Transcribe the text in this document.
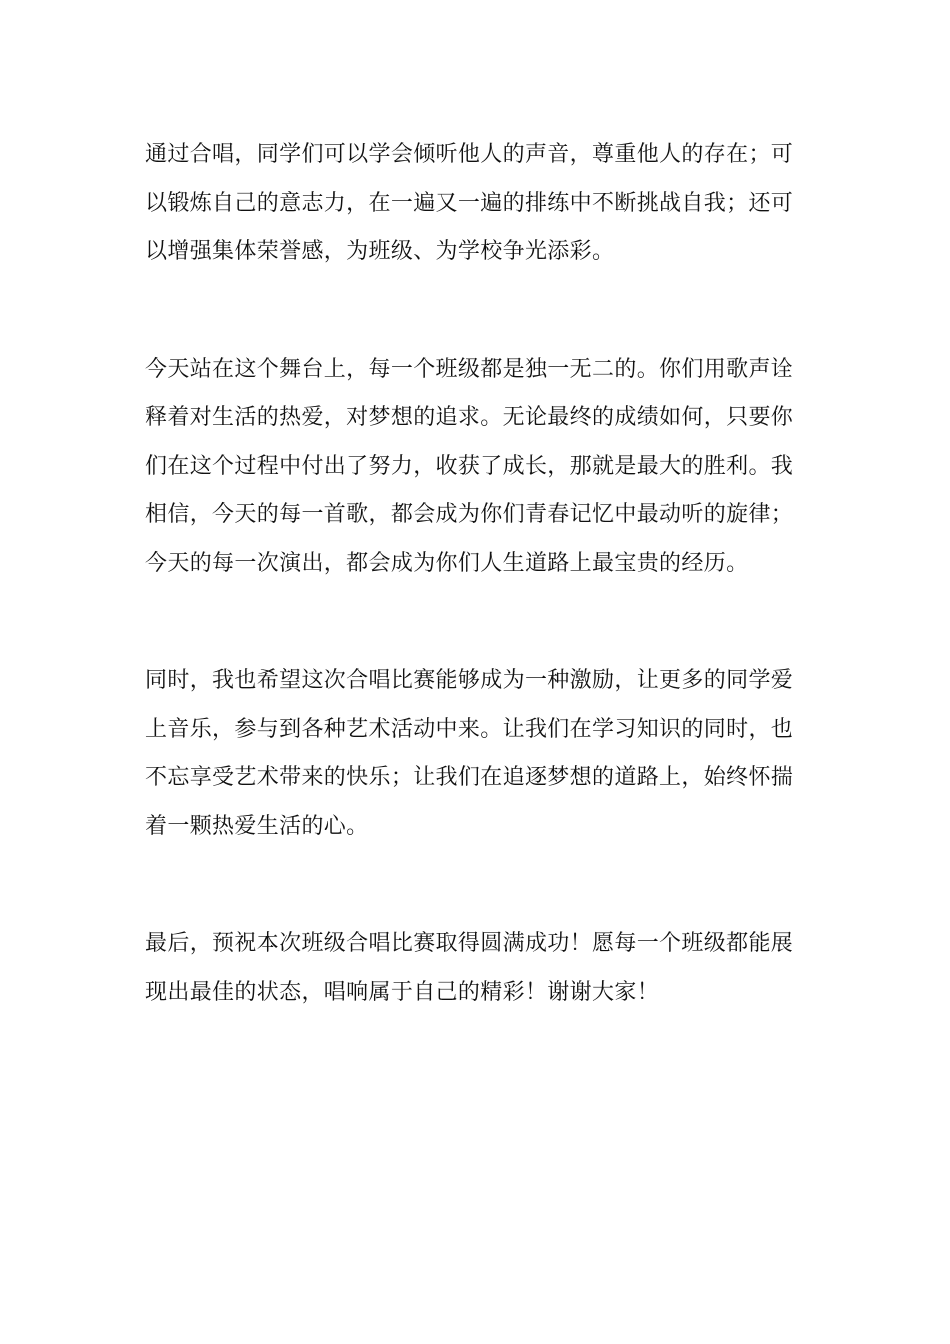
通过合唱，同学们可以学会倾听他人的声音，尊重他人的存在；可
以锻炼自己的意志力，在一遍又一遍的排练中不断挑战自我；还可
以增强集体荣誉感，为班级、为学校争光添彩。
今天站在这个舞台上，每一个班级都是独一无二的。你们用歌声诠
释着对生活的热爱，对梦想的追求。无论最终的成绩如何，只要你
们在这个过程中付出了努力，收获了成长，那就是最大的胜利。我
相信，今天的每一首歌，都会成为你们青春记忆中最动听的旋律；
今天的每一次演出，都会成为你们人生道路上最宝贵的经历。
同时，我也希望这次合唱比赛能够成为一种激励，让更多的同学爱
上音乐，参与到各种艺术活动中来。让我们在学习知识的同时，也
不忘享受艺术带来的快乐；让我们在追逐梦想的道路上，始终怀揣
着一颗热爱生活的心。
最后，预祝本次班级合唱比赛取得圆满成功！愿每一个班级都能展
现出最佳的状态，唱响属于自己的精彩！谢谢大家！
